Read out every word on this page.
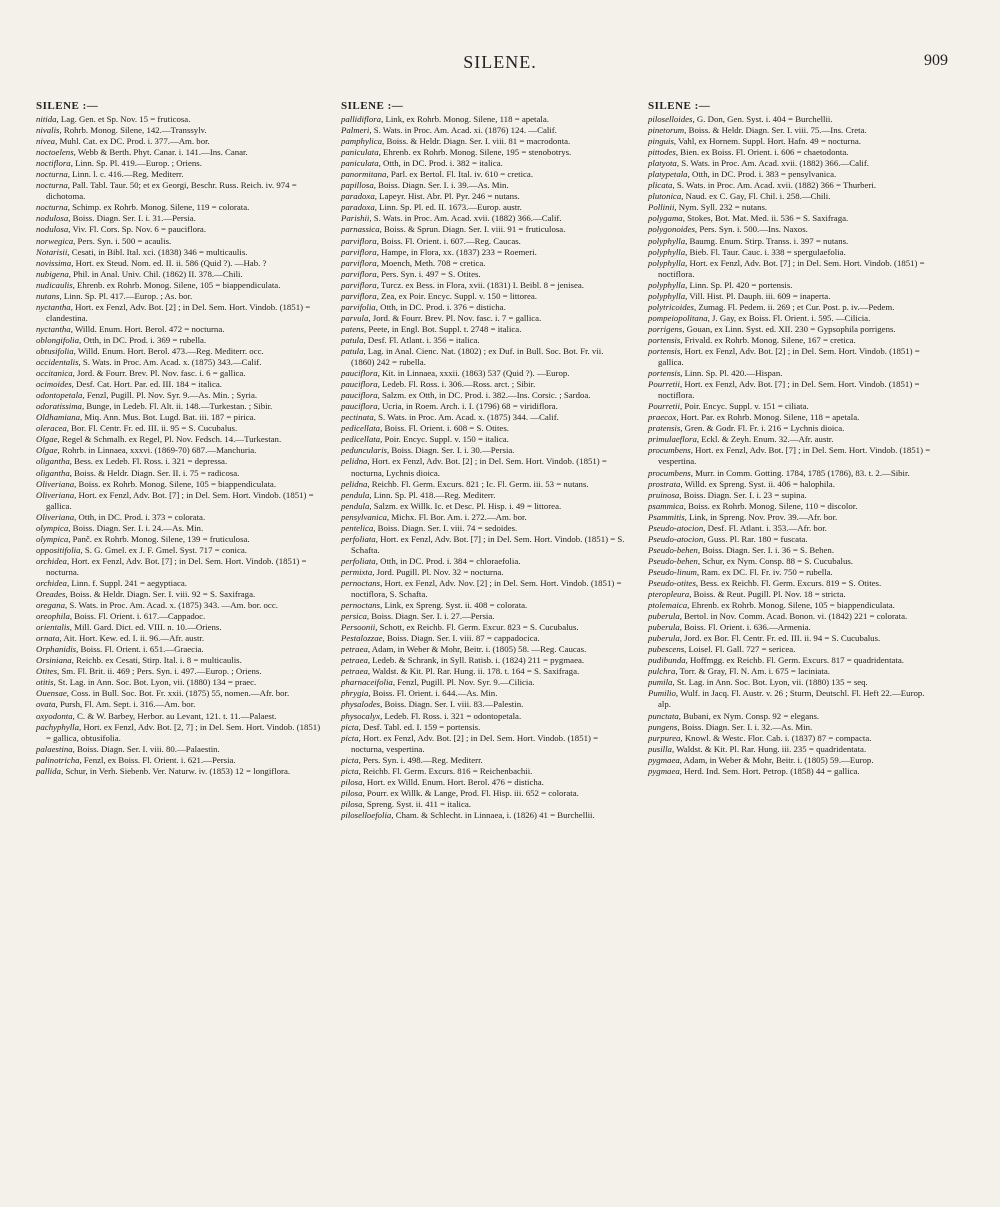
SILENE.	909
SILENE :—

nitida, Lag. Gen. et Sp. Nov. 15 = fruticosa.

nivalis, Rohrb. Monog. Silene, 142.—Transsylv.

nivea, Muhl. Cat. ex DC. Prod. i. 377.—Am. bor.

noctoelens, Webb & Berth. Phyt. Canar. i. 141.—Ins. Canar.

noctiflora, Linn. Sp. Pl. 419.—Europ. ; Oriens.

nocturna, Linn. l. c. 416.—Reg. Mediterr.

nocturna, Pall. Tabl. Taur. 50; et ex Georgi, Beschr. Russ. Reich. iv. 974 = dichotoma.

nocturna, Schimp. ex Rohrb. Monog. Silene, 119 = colorata.

nodulosa, Boiss. Diagn. Ser. I. i. 31.—Persia.

nodulosa, Viv. Fl. Cors. Sp. Nov. 6 = pauciflora.

norwegica, Pers. Syn. i. 500 = acaulis.

Notarisii, Cesati, in Bibl. Ital. xci. (1838) 346 = multicaulis.

novissima, Hort. ex Steud. Nom. ed. II. ii. 586 (Quid ?). —Hab. ?

nubigena, Phil. in Anal. Univ. Chil. (1862) II. 378.—Chili.

nudicaulis, Ehrenb. ex Rohrb. Monog. Silene, 105 = biappendiculata.

nutans, Linn. Sp. Pl. 417.—Europ. ; As. bor.

nyctantha, Hort. ex Fenzl, Adv. Bot. [2] ; in Del. Sem. Hort. Vindob. (1851) = clandestina.

nyctantha, Willd. Enum. Hort. Berol. 472 = nocturna.

oblongifolia, Otth, in DC. Prod. i. 369 = rubella.

obtusifolia, Willd. Enum. Hort. Berol. 473.—Reg. Mediterr. occ.

occidentalis, S. Wats. in Proc. Am. Acad. x. (1875) 343.—Calif.

occitanica, Jord. & Fourr. Brev. Pl. Nov. fasc. i. 6 = gallica.

ocimoides, Desf. Cat. Hort. Par. ed. III. 184 = italica.

odontopetala, Fenzl, Pugill. Pl. Nov. Syr. 9.—As. Min. ; Syria.

odoratissima, Bunge, in Ledeb. Fl. Alt. ii. 148.—Turkestan. ; Sibir.

Oldhamiana, Miq. Ann. Mus. Bot. Lugd. Bat. iii. 187 = pirica.

oleracea, Bor. Fl. Centr. Fr. ed. III. ii. 95 = S. Cucubalus.

Olgae, Regel & Schmalh. ex Regel, Pl. Nov. Fedsch. 14.—Turkestan.

Olgae, Rohrb. in Linnaea, xxxvi. (1869-70) 687.—Manchuria.

oligantha, Bess. ex Ledeb. Fl. Ross. i. 321 = depressa.

oligantha, Boiss. & Heldr. Diagn. Ser. II. i. 75 = radicosa.

Oliveriana, Boiss. ex Rohrb. Monog. Silene, 105 = biappendiculata.

Oliveriana, Hort. ex Fenzl, Adv. Bot. [7] ; in Del. Sem. Hort. Vindob. (1851) = gallica.

Oliveriana, Otth, in DC. Prod. i. 373 = colorata.

olympica, Boiss. Diagn. Ser. I. i. 24.—As. Min.

olympica, Panč. ex Rohrb. Monog. Silene, 139 = fruticulosa.

oppositifolia, S. G. Gmel. ex J. F. Gmel. Syst. 717 = conica.

orchidea, Hort. ex Fenzl, Adv. Bot. [7] ; in Del. Sem. Hort. Vindob. (1851) = nocturna.

orchidea, Linn. f. Suppl. 241 = aegyptiaca.

Oreades, Boiss. & Heldr. Diagn. Ser. I. viii. 92 = S. Saxifraga.

oregana, S. Wats. in Proc. Am. Acad. x. (1875) 343. —Am. bor. occ.

oreophila, Boiss. Fl. Orient. i. 617.—Cappadoc.

orientalis, Mill. Gard. Dict. ed. VIII. n. 10.—Oriens.

ornata, Ait. Hort. Kew. ed. I. ii. 96.—Afr. austr.

Orphanidis, Boiss. Fl. Orient. i. 651.—Graecia.

Orsiniana, Reichb. ex Cesati, Stirp. Ital. i. 8 = multicaulis.

Otites, Sm. Fl. Brit. ii. 469 ; Pers. Syn. i. 497.—Europ. ; Oriens.

otitis, St. Lag. in Ann. Soc. Bot. Lyon, vii. (1880) 134 = praec.

Ouensae, Coss. in Bull. Soc. Bot. Fr. xxii. (1875) 55, nomen.—Afr. bor.

ovata, Pursh, Fl. Am. Sept. i. 316.—Am. bor.

oxyodonta, C. & W. Barbey, Herbor. au Levant, 121. t. 11.—Palaest.

pachyphylla, Hort. ex Fenzl, Adv. Bot. [2, 7] ; in Del. Sem. Hort. Vindob. (1851) = gallica, obtusifolia.

palaestina, Boiss. Diagn. Ser. I. viii. 80.—Palaestin.

palinotricha, Fenzl, ex Boiss. Fl. Orient. i. 621.—Persia.

pallida, Schur, in Verh. Siebenb. Ver. Naturw. iv. (1853) 12 = longiflora.

SILENE :—

pallidiflora, Link, ex Rohrb. Monog. Silene, 118 = apetala.

Palmeri, S. Wats. in Proc. Am. Acad. xi. (1876) 124. —Calif.

pamphylica, Boiss. & Heldr. Diagn. Ser. I. viii. 81 = macrodonta.

paniculata, Ehrenb. ex Rohrb. Monog. Silene, 195 = stenobotrys.

paniculata, Otth, in DC. Prod. i. 382 = italica.

panormitana, Parl. ex Bertol. Fl. Ital. iv. 610 = cretica.

papillosa, Boiss. Diagn. Ser. I. i. 39.—As. Min.

paradoxa, Lapeyr. Hist. Abr. Pl. Pyr. 246 = nutans.

paradoxa, Linn. Sp. Pl. ed. II. 1673.—Europ. austr.

Parishii, S. Wats. in Proc. Am. Acad. xvii. (1882) 366.—Calif.

parnassica, Boiss. & Sprun. Diagn. Ser. I. viii. 91 = fruticulosa.

parviflora, Boiss. Fl. Orient. i. 607.—Reg. Caucas.

parviflora, Hampe, in Flora, xx. (1837) 233 = Roemeri.

parviflora, Moench, Meth. 708 = cretica.

parviflora, Pers. Syn. i. 497 = S. Otites.

parviflora, Turcz. ex Bess. in Flora, xvii. (1831) I. Beibl. 8 = jenisea.

parviflora, Zea, ex Poir. Encyc. Suppl. v. 150 = littorea.

parvifolia, Otth, in DC. Prod. i. 376 = disticha.

parvula, Jord. & Fourr. Brev. Pl. Nov. fasc. i. 7 = gallica.

patens, Peete, in Engl. Bot. Suppl. t. 2748 = italica.

patula, Desf. Fl. Atlant. i. 356 = italica.

patula, Lag. in Anal. Cienc. Nat. (1802) ; ex Duf. in Bull. Soc. Bot. Fr. vii. (1860) 242 = rubella.

pauciflora, Kit. in Linnaea, xxxii. (1863) 537 (Quid ?). —Europ.

pauciflora, Ledeb. Fl. Ross. i. 306.—Ross. arct. ; Sibir.

pauciflora, Salzm. ex Otth, in DC. Prod. i. 382.—Ins. Corsic. ; Sardoa.

pauciflora, Ucria, in Roem. Arch. i. I. (1796) 68 = viridiflora.

pectinata, S. Wats. in Proc. Am. Acad. x. (1875) 344. —Calif.

pedicellata, Boiss. Fl. Orient. i. 608 = S. Otites.

pedicellata, Poir. Encyc. Suppl. v. 150 = italica.

peduncularis, Boiss. Diagn. Ser. I. i. 30.—Persia.

pelidna, Hort. ex Fenzl, Adv. Bot. [2] ; in Del. Sem. Hort. Vindob. (1851) = nocturna, Lychnis dioica.

pelidna, Reichb. Fl. Germ. Excurs. 821 ; Ic. Fl. Germ. iii. 53 = nutans.

pendula, Linn. Sp. Pl. 418.—Reg. Mediterr.

pendula, Salzm. ex Willk. Ic. et Desc. Pl. Hisp. i. 49 = littorea.

pensylvanica, Michx. Fl. Bor. Am. i. 272.—Am. bor.

pentelica, Boiss. Diagn. Ser. I. viii. 74 = sedoides.

perfoliata, Hort. ex Fenzl, Adv. Bot. [7] ; in Del. Sem. Hort. Vindob. (1851) = S. Schafta.

perfoliata, Otth, in DC. Prod. i. 384 = chloraefolia.

permixta, Jord. Pugill. Pl. Nov. 32 = nocturna.

pernoctans, Hort. ex Fenzl, Adv. Nov. [2] ; in Del. Sem. Hort. Vindob. (1851) = noctiflora, S. Schafta.

pernoctans, Link, ex Spreng. Syst. ii. 408 = colorata.

persica, Boiss. Diagn. Ser. I. i. 27.—Persia.

Persoonii, Schott, ex Reichb. Fl. Germ. Excur. 823 = S. Cucubalus.

Pestalozzae, Boiss. Diagn. Ser. I. viii. 87 = cappadocica.

petraea, Adam, in Weber & Mohr, Beitr. i. (1805) 58. —Reg. Caucas.

petraea, Ledeb. & Schrank, in Syll. Ratisb. i. (1824) 211 = pygmaea.

petraea, Waldst. & Kit. Pl. Rar. Hung. ii. 178. t. 164 = S. Saxifraga.

pharnaceifolia, Fenzl, Pugill. Pl. Nov. Syr. 9.—Cilicia.

phrygia, Boiss. Fl. Orient. i. 644.—As. Min.

physalodes, Boiss. Diagn. Ser. I. viii. 83.—Palestin.

physocalyx, Ledeb. Fl. Ross. i. 321 = odontopetala.

picta, Desf. Tabl. ed. I. 159 = portensis.

picta, Hort. ex Fenzl, Adv. Bot. [2] ; in Del. Sem. Hort. Vindob. (1851) = nocturna, vespertina.

picta, Pers. Syn. i. 498.—Reg. Mediterr.

picta, Reichb. Fl. Germ. Excurs. 816 = Reichenbachii.

pilosa, Hort. ex Willd. Enum. Hort. Berol. 476 = disticha.

pilosa, Pourr. ex Willk. & Lange, Prod. Fl. Hisp. iii. 652 = colorata.

pilosa, Spreng. Syst. ii. 411 = italica.

piloselloefolia, Cham. & Schlecht. in Linnaea, i. (1826) 41 = Burchellii.

SILENE :—

piloselloides, G. Don, Gen. Syst. i. 404 = Burchellii.

pinetorum, Boiss. & Heldr. Diagn. Ser. I. viii. 75.—Ins. Creta.

pinguis, Vahl, ex Hornem. Suppl. Hort. Hafn. 49 = nocturna.

pittodes, Bien. ex Boiss. Fl. Orient. i. 606 = chaetodonta.

platyota, S. Wats. in Proc. Am. Acad. xvii. (1882) 366.—Calif.

platypetala, Otth, in DC. Prod. i. 383 = pensylvanica.

plicata, S. Wats. in Proc. Am. Acad. xvii. (1882) 366 = Thurberi.

plutonica, Naud. ex C. Gay, Fl. Chil. i. 258.—Chili.

Pollinii, Nym. Syll. 232 = nutans.

polygama, Stokes, Bot. Mat. Med. ii. 536 = S. Saxifraga.

polygonoides, Pers. Syn. i. 500.—Ins. Naxos.

polyphylla, Baumg. Enum. Stirp. Transs. i. 397 = nutans.

polyphylla, Bieb. Fl. Taur. Cauc. i. 338 = spergulaefolia.

polyphylla, Hort. ex Fenzl, Adv. Bot. [7] ; in Del. Sem. Hort. Vindob. (1851) = noctiflora.

polyphylla, Linn. Sp. Pl. 420 = portensis.

polyphylla, Vill. Hist. Pl. Dauph. iii. 609 = inaperta.

polytricoides, Zumag. Fl. Pedem. ii. 269 ; et Cur. Post. p. iv.—Pedem.

pompeiopolitana, J. Gay, ex Boiss. Fl. Orient. i. 595. —Cilicia.

porrigens, Gouan, ex Linn. Syst. ed. XII. 230 = Gypsophila porrigens.

portensis, Frivald. ex Rohrb. Monog. Silene, 167 = cretica.

portensis, Hort. ex Fenzl, Adv. Bot. [2] ; in Del. Sem. Hort. Vindob. (1851) = gallica.

portensis, Linn. Sp. Pl. 420.—Hispan.

Pourretii, Hort. ex Fenzl, Adv. Bot. [7] ; in Del. Sem. Hort. Vindob. (1851) = noctiflora.

Pourretii, Poir. Encyc. Suppl. v. 151 = ciliata.

praecox, Hort. Par. ex Rohrb. Monog. Silene, 118 = apetala.

pratensis, Gren. & Godr. Fl. Fr. i. 216 = Lychnis dioica.

primulaeflora, Eckl. & Zeyh. Enum. 32.—Afr. austr.

procumbens, Hort. ex Fenzl, Adv. Bot. [7] ; in Del. Sem. Hort. Vindob. (1851) = vespertina.

procumbens, Murr. in Comm. Gotting. 1784, 1785 (1786), 83. t. 2.—Sibir.

prostrata, Willd. ex Spreng. Syst. ii. 406 = halophila.

pruinosa, Boiss. Diagn. Ser. I. i. 23 = supina.

psammica, Boiss. ex Rohrb. Monog. Silene, 110 = discolor.

Psammitis, Link, in Spreng. Nov. Prov. 39.—Afr. bor.

Pseudo-atocion, Desf. Fl. Atlant. i. 353.—Afr. bor.

Pseudo-atocion, Guss. Pl. Rar. 180 = fuscata.

Pseudo-behen, Boiss. Diagn. Ser. I. i. 36 = S. Behen.

Pseudo-behen, Schur, ex Nym. Consp. 88 = S. Cucubalus.

Pseudo-linum, Ram. ex DC. Fl. Fr. iv. 750 = rubella.

Pseudo-otites, Bess. ex Reichb. Fl. Germ. Excurs. 819 = S. Otites.

pteropleura, Boiss. & Reut. Pugill. Pl. Nov. 18 = stricta.

ptolemaica, Ehrenb. ex Rohrb. Monog. Silene, 105 = biappendiculata.

puberula, Bertol. in Nov. Comm. Acad. Bonon. vi. (1842) 221 = colorata.

puberula, Boiss. Fl. Orient. i. 636.—Armenia.

puberula, Jord. ex Bor. Fl. Centr. Fr. ed. III. ii. 94 = S. Cucubalus.

pubescens, Loisel. Fl. Gall. 727 = sericea.

pudibunda, Hoffmgg. ex Reichb. Fl. Germ. Excurs. 817 = quadridentata.

pulchra, Torr. & Gray, Fl. N. Am. i. 675 = laciniata.

pumila, St. Lag. in Ann. Soc. Bot. Lyon, vii. (1880) 135 = seq.

Pumilio, Wulf. in Jacq. Fl. Austr. v. 26 ; Sturm, Deutschl. Fl. Heft 22.—Europ. alp.

punctata, Bubani, ex Nym. Consp. 92 = elegans.

pungens, Boiss. Diagn. Ser. I. i. 32.—As. Min.

purpurea, Knowl. & Westc. Flor. Cab. i. (1837) 87 = compacta.

pusilla, Waldst. & Kit. Pl. Rar. Hung. iii. 235 = quadridentata.

pygmaea, Adam, in Weber & Mohr, Beitr. i. (1805) 59.—Europ.

pygmaea, Herd. Ind. Sem. Hort. Petrop. (1858) 44 = gallica.
